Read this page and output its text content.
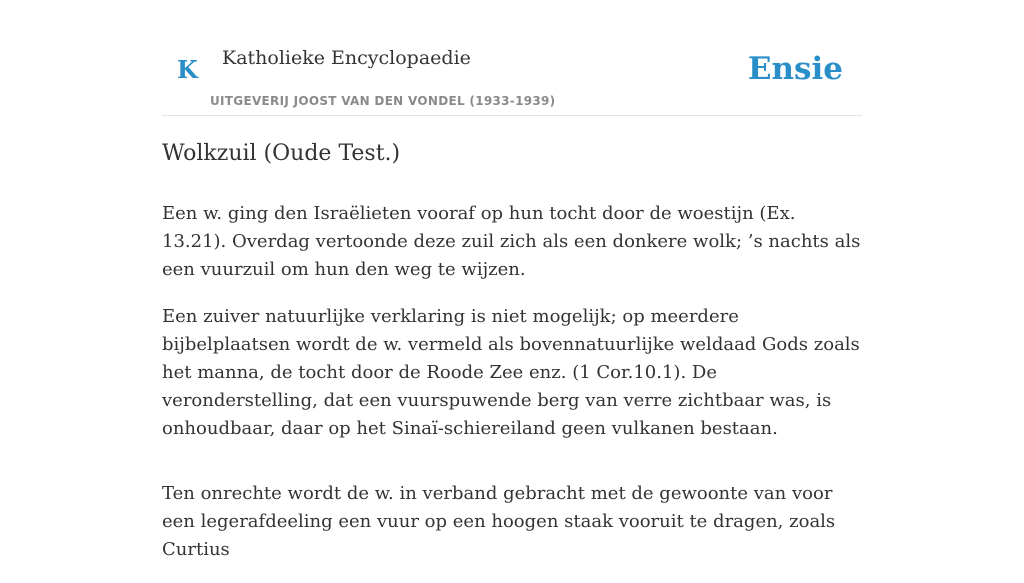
K Katholieke Encyclopaedie
UITGEVERIJ JOOST VAN DEN VONDEL (1933-1939)
Ensie
Wolkzuil (Oude Test.)

Een w. ging den Israëlieten vooraf op hun tocht door de woestijn (Ex. 13.21). Overdag vertoonde deze zuil zich als een donkere wolk; ’s nachts als een vuurzuil om hun den weg te wijzen.

Een zuiver natuurlijke verklaring is niet mogelijk; op meerdere bijbelplaatsen wordt de w. vermeld als bovennatuurlijke weldaad Gods zoals het manna, de tocht door de Roode Zee enz. (1 Cor.10.1). De veronderstelling, dat een vuurspuwende berg van verre zichtbaar was, is onhoudbaar, daar op het Sinaï-schiereiland geen vulkanen bestaan.

Ten onrechte wordt de w. in verband gebracht met de gewoonte van voor een legerafdeeling een vuur op een hoogen staak vooruit te dragen, zoals Curtius
